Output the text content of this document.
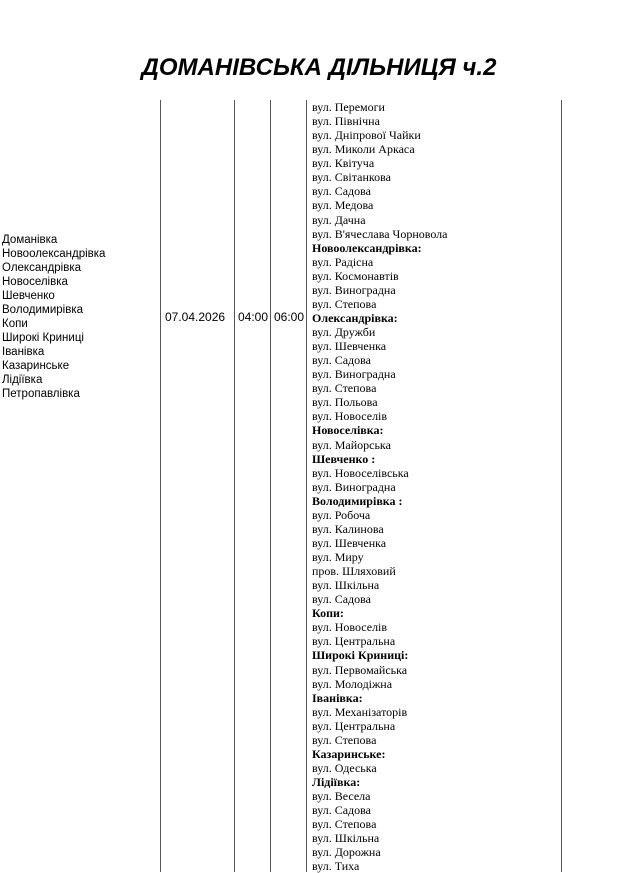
ДОМАНІВСЬКА ДІЛЬНИЦЯ ч.2
Доманівка
Новоолександрівка
Олександрівка
Новоселівка
Шевченко
Володимирівка
Копи
Широкі Криниці
Іванівка
Казаринське
Лідіївка
Петропавлівка
07.04.2026 04:00 06:00
вул. Перемоги
вул. Північна
вул. Дніпрової Чайки
вул. Миколи Аркаса
вул. Квітуча
вул. Світанкова
вул. Садова
вул. Медова
вул. Дачна
вул. В'ячеслава Чорновола
Новоолександрівка:
вул. Радісна
вул. Космонавтів
вул. Виноградна
вул. Степова
Олександрівка:
вул. Дружби
вул. Шевченка
вул. Садова
вул. Виноградна
вул. Степова
вул. Польова
вул. Новоселів
Новоселівка:
вул. Майорська
Шевченко :
вул. Новоселівська
вул. Виноградна
Володимирівка :
вул. Робоча
вул. Калинова
вул. Шевченка
вул. Миру
пров. Шляховий
вул. Шкільна
вул. Садова
Копи:
вул. Новоселів
вул. Центральна
Широкі Криниці:
вул. Первомайська
вул. Молодіжна
Іванівка:
вул. Механізаторів
вул. Центральна
вул. Степова
Казаринське:
вул. Одеська
Лідіївка:
вул. Весела
вул. Садова
вул. Степова
вул. Шкільна
вул. Дорожна
вул. Тиха
